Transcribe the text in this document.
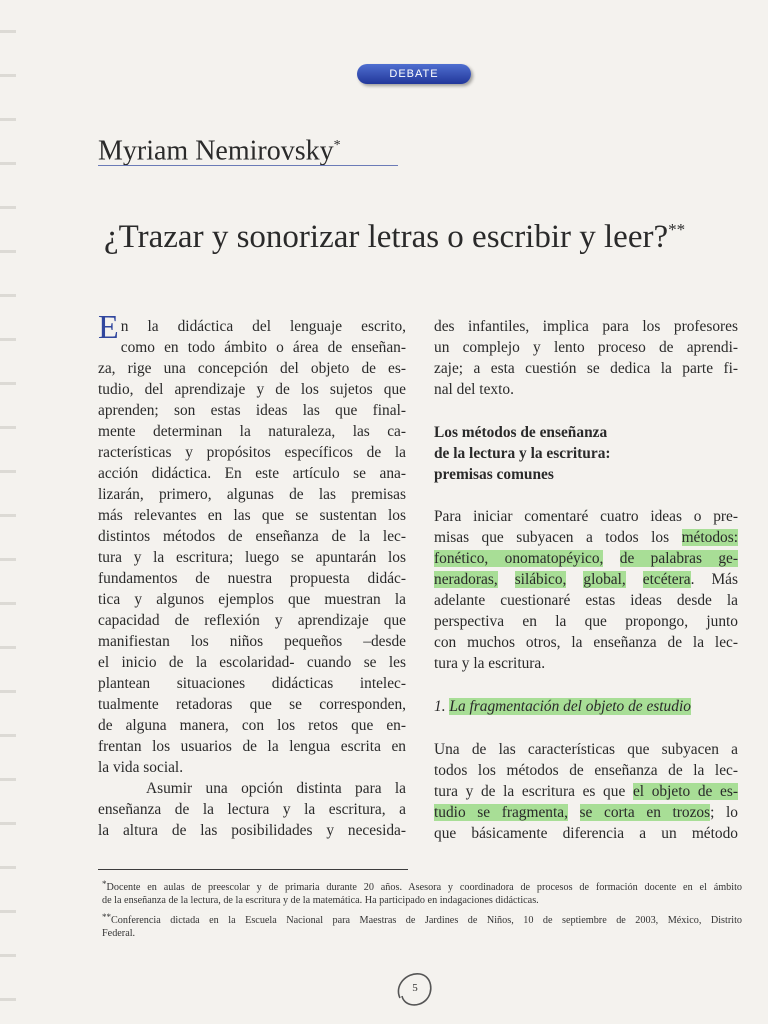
DEBATE
Myriam Nemirovsky*
¿Trazar y sonorizar letras o escribir y leer?**
E n la didáctica del lenguaje escrito,
como en todo ámbito o área de enseñan-
za, rige una concepción del objeto de es-
tudio, del aprendizaje y de los sujetos que
aprenden; son estas ideas las que final-
mente determinan la naturaleza, las ca-
racterísticas y propósitos específicos de la
acción didáctica. En este artículo se ana-
lizarán, primero, algunas de las premisas
más relevantes en las que se sustentan los
distintos métodos de enseñanza de la lec-
tura y la escritura; luego se apuntarán los
fundamentos de nuestra propuesta didác-
tica y algunos ejemplos que muestran la
capacidad de reflexión y aprendizaje que
manifiestan los niños pequeños –desde
el inicio de la escolaridad- cuando se les
plantean situaciones didácticas intelec-
tualmente retadoras que se corresponden,
de alguna manera, con los retos que en-
frentan los usuarios de la lengua escrita en
la vida social.
Asumir una opción distinta para la
enseñanza de la lectura y la escritura, a
la altura de las posibilidades y necesida-
des infantiles, implica para los profesores
un complejo y lento proceso de aprendi-
zaje; a esta cuestión se dedica la parte fi-
nal del texto.
Los métodos de enseñanza
de la lectura y la escritura:
premisas comunes
Para iniciar comentaré cuatro ideas o pre-
misas que subyacen a todos los métodos:
fonético, onomatopéyico, de palabras ge-
neradoras, silábico, global, etcétera. Más
adelante cuestionaré estas ideas desde la
perspectiva en la que propongo, junto
con muchos otros, la enseñanza de la lec-
tura y la escritura.
1. La fragmentación del objeto de estudio
Una de las características que subyacen a
todos los métodos de enseñanza de la lec-
tura y de la escritura es que el objeto de es-
tudio se fragmenta, se corta en trozos; lo
que básicamente diferencia a un método
*Docente en aulas de preescolar y de primaria durante 20 años. Asesora y coordinadora de procesos de formación docente en el ámbito
de la enseñanza de la lectura, de la escritura y de la matemática. Ha participado en indagaciones didácticas.
**Conferencia dictada en la Escuela Nacional para Maestras de Jardines de Niños, 10 de septiembre de 2003, México, Distrito
Federal.
5
